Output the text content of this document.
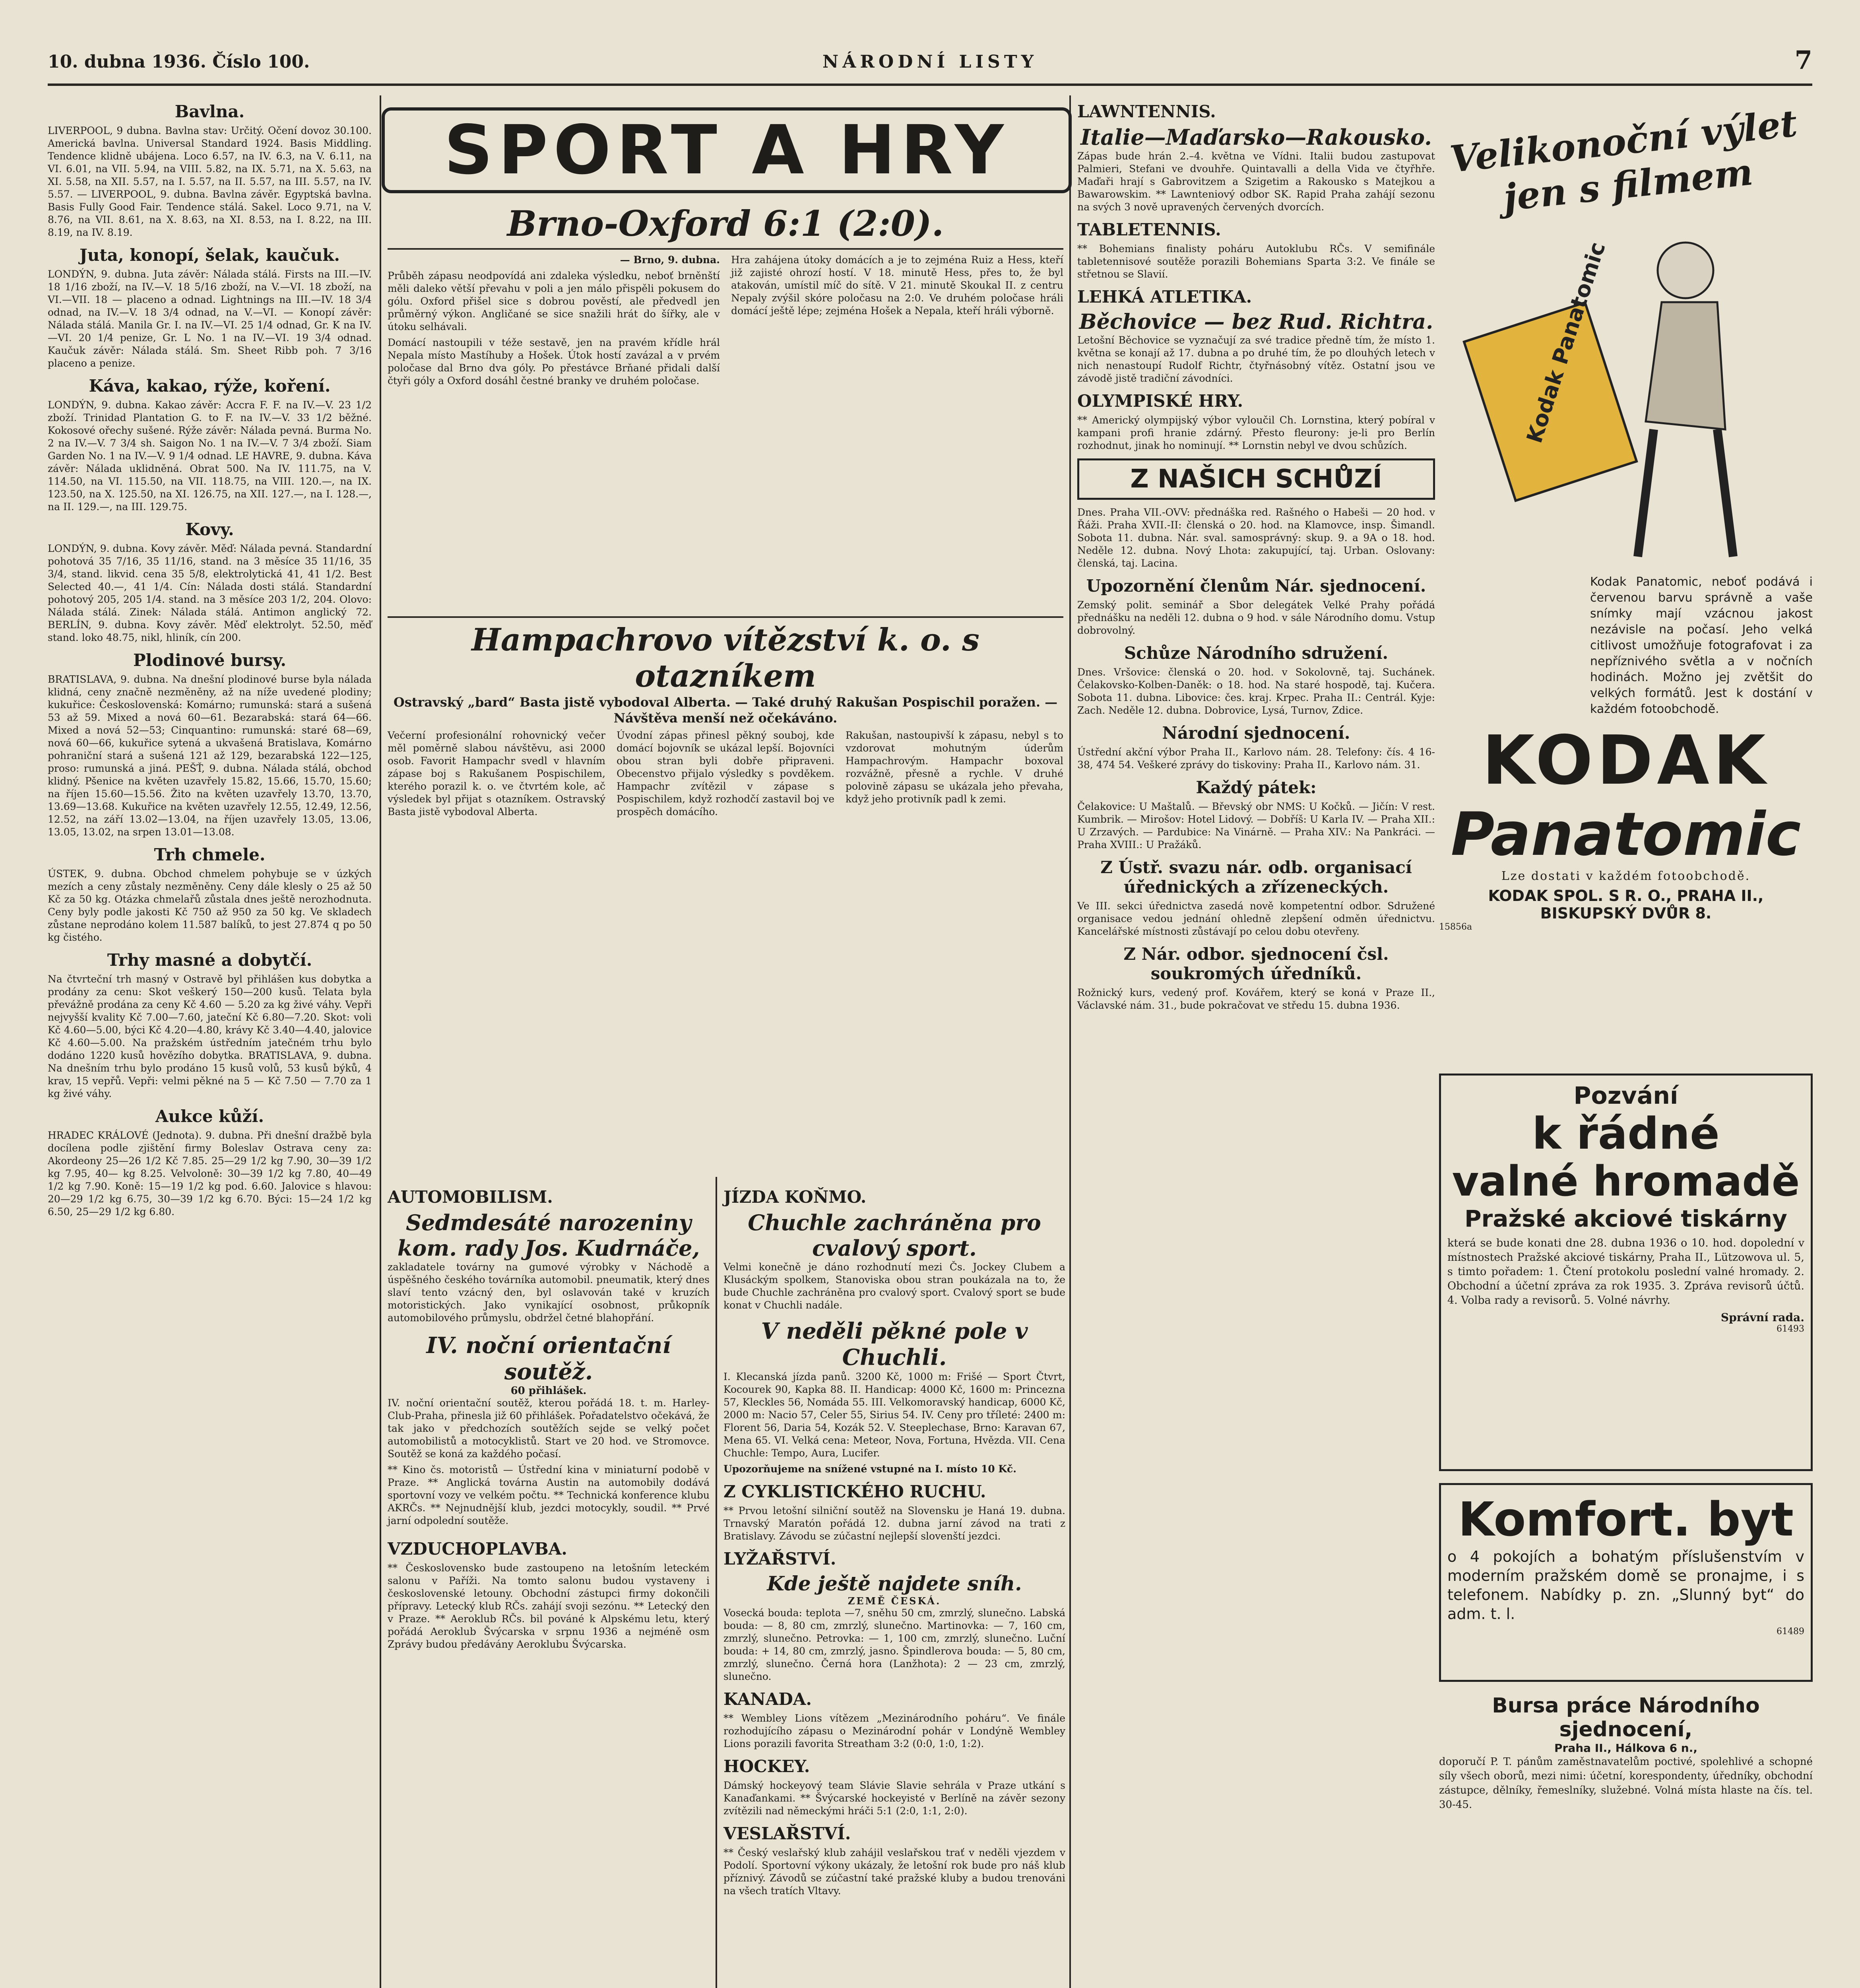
10. dubna 1936. Číslo 100.	NÁRODNÍ LISTY	7
Bavlna.

LIVERPOOL, 9 dubna. Bavlna stav: Určitý. Očení dovoz 30.100. Americká bavlna. Universal Standard 1924. Basis Middling. Tendence klidně ubájena. Loco 6.57, na IV. 6.3, na V. 6.11, na VI. 6.01, na VII. 5.94, na VIII. 5.82, na IX. 5.71, na X. 5.63, na XI. 5.58, na XII. 5.57, na I. 5.57, na II. 5.57, na III. 5.57, na IV. 5.57. — LIVERPOOL, 9. dubna. Bavlna závěr. Egyptská bavlna. Basis Fully Good Fair. Tendence stálá. Sakel. Loco 9.71, na V. 8.76, na VII. 8.61, na X. 8.63, na XI. 8.53, na I. 8.22, na III. 8.19, na IV. 8.19.

Juta, konopí, šelak, kaučuk.

LONDÝN, 9. dubna. Juta závěr: Nálada stálá. Firsts na III.—IV. 18 1/16 zboží, na IV.—V. 18 5/16 zboží, na V.—VI. 18 zboží, na VI.—VII. 18 — placeno a odnad. Lightnings na III.—IV. 18 3/4 odnad, na IV.—V. 18 3/4 odnad, na V.—VI. — Konopí závěr: Nálada stálá. Manila Gr. I. na IV.—VI. 25 1/4 odnad, Gr. K na IV.—VI. 20 1/4 penize, Gr. L No. 1 na IV.—VI. 19 3/4 odnad. Kaučuk závěr: Nálada stálá. Sm. Sheet Ribb poh. 7 3/16 placeno a penize.

Káva, kakao, rýže, koření.

LONDÝN, 9. dubna. Kakao závěr: Accra F. F. na IV.—V. 23 1/2 zboží. Trinidad Plantation G. to F. na IV.—V. 33 1/2 běžné. Kokosové ořechy sušené. Rýže závěr: Nálada pevná. Burma No. 2 na IV.—V. 7 3/4 sh. Saigon No. 1 na IV.—V. 7 3/4 zboží. Siam Garden No. 1 na IV.—V. 9 1/4 odnad. LE HAVRE, 9. dubna. Káva závěr: Nálada uklidněná. Obrat 500. Na IV. 111.75, na V. 114.50, na VI. 115.50, na VII. 118.75, na VIII. 120.—, na IX. 123.50, na X. 125.50, na XI. 126.75, na XII. 127.—, na I. 128.—, na II. 129.—, na III. 129.75.

Kovy.

LONDÝN, 9. dubna. Kovy závěr. Měď: Nálada pevná. Standardní pohotová 35 7/16, 35 11/16, stand. na 3 měsíce 35 11/16, 35 3/4, stand. likvid. cena 35 5/8, elektrolytická 41, 41 1/2. Best Selected 40.—, 41 1/4. Cín: Nálada dosti stálá. Standardní pohotový 205, 205 1/4. stand. na 3 měsíce 203 1/2, 204. Olovo: Nálada stálá. Zinek: Nálada stálá. Antimon anglický 72. BERLÍN, 9. dubna. Kovy závěr. Měď elektrolyt. 52.50, měď stand. loko 48.75, nikl, hliník, cín 200.

Plodinové bursy.

BRATISLAVA, 9. dubna. Na dnešní plodinové burse byla nálada klidná, ceny značně nezměněny, až na níže uvedené plodiny; kukuřice: Československá: Komárno; rumunská: stará a sušená 53 až 59. Mixed a nová 60—61. Bezarabská: stará 64—66. Mixed a nová 52—53; Cinquantino: rumunská: staré 68—69, nová 60—66, kukuřice sytená a ukvašená Bratislava, Komárno pohraniční stará a sušená 121 až 129, bezarabská 122—125, proso: rumunská a jiná. PEŠŤ, 9. dubna. Nálada stálá, obchod klidný. Pšenice na květen uzavřely 15.82, 15.66, 15.70, 15.60; na říjen 15.60—15.56. Žito na květen uzavřely 13.70, 13.70, 13.69—13.68. Kukuřice na květen uzavřely 12.55, 12.49, 12.56, 12.52, na září 13.02—13.04, na říjen uzavřely 13.05, 13.06, 13.05, 13.02, na srpen 13.01—13.08.

Trh chmele.

ÚSTEK, 9. dubna. Obchod chmelem pohybuje se v úzkých mezích a ceny zůstaly nezměněny. Ceny dále klesly o 25 až 50 Kč za 50 kg. Otázka chmelařů zůstala dnes ještě nerozhodnuta. Ceny byly podle jakosti Kč 750 až 950 za 50 kg. Ve skladech zůstane neprodáno kolem 11.587 balíků, to jest 27.874 q po 50 kg čistého.

Trhy masné a dobytčí.

Na čtvrteční trh masný v Ostravě byl přihlášen kus dobytka a prodány za cenu: Skot veškerý 150—200 kusů. Telata byla převážně prodána za ceny Kč 4.60 — 5.20 za kg živé váhy. Vepři nejvyšší kvality Kč 7.00—7.60, jateční Kč 6.80—7.20. Skot: voli Kč 4.60—5.00, býci Kč 4.20—4.80, krávy Kč 3.40—4.40, jalovice Kč 4.60—5.00. Na pražském ústředním jatečném trhu bylo dodáno 1220 kusů hovězího dobytka. BRATISLAVA, 9. dubna. Na dnešním trhu bylo prodáno 15 kusů volů, 53 kusů býků, 4 krav, 15 vepřů. Vepři: velmi pěkné na 5 — Kč 7.50 — 7.70 za 1 kg živé váhy.

Aukce kůží.

HRADEC KRÁLOVÉ (Jednota). 9. dubna. Při dnešní dražbě byla docílena podle zjištění firmy Boleslav Ostrava ceny za: Akordeony 25—26 1/2 Kč 7.85. 25—29 1/2 kg 7.90, 30—39 1/2 kg 7.95, 40— kg 8.25. Velvoloně: 30—39 1/2 kg 7.80, 40—49 1/2 kg 7.90. Koně: 15—19 1/2 kg pod. 6.60. Jalovice s hlavou: 20—29 1/2 kg 6.75, 30—39 1/2 kg 6.70. Býci: 15—24 1/2 kg 6.50, 25—29 1/2 kg 6.80.

SPORT A HRY
Brno-Oxford 6:1 (2:0).

— Brno, 9. dubna.

Průběh zápasu neodpovídá ani zdaleka výsledku, neboť brněnští měli daleko větší převahu v poli a jen málo přispěli pokusem do gólu. Oxford přišel sice s dobrou pověstí, ale předvedl jen průměrný výkon. Angličané se sice snažili hrát do šířky, ale v útoku selhávali.

Domácí nastoupili v téže sestavě, jen na pravém křídle hrál Nepala místo Mastíhuby a Hošek. Útok hostí zavázal a v prvém poločase dal Brno dva góly. Po přestávce Brňané přidali další čtyři góly a Oxford dosáhl čestné branky ve druhém poločase.

Hra zahájena útoky domácích a je to zejména Ruiz a Hess, kteří již zajisté ohrozí hostí. V 18. minutě Hess, přes to, že byl atakován, umístil míč do sítě. V 21. minutě Skoukal II. z centru Nepaly zvýšil skóre poločasu na 2:0. Ve druhém poločase hráli domácí ještě lépe; zejména Hošek a Nepala, kteří hráli výborně.

Hampachrovo vítězství k. o. s otazníkem

Ostravský „bard“ Basta jistě vybodoval Alberta. — Také druhý Rakušan Pospischil poražen. — Návštěva menší než očekáváno.

Večerní profesionální rohovnický večer měl poměrně slabou návštěvu, asi 2000 osob. Favorit Hampachr svedl v hlavním zápase boj s Rakušanem Pospischilem, kterého porazil k. o. ve čtvrtém kole, ač výsledek byl přijat s otazníkem. Ostravský Basta jistě vybodoval Alberta.

Úvodní zápas přinesl pěkný souboj, kde domácí bojovník se ukázal lepší. Bojovníci obou stran byli dobře připraveni. Obecenstvo přijalo výsledky s povděkem. Hampachr zvítězil v zápase s Pospischilem, když rozhodčí zastavil boj ve prospěch domácího.

Rakušan, nastoupivší k zápasu, nebyl s to vzdorovat mohutným úderům Hampachrovým. Hampachr boxoval rozvážně, přesně a rychle. V druhé polovině zápasu se ukázala jeho převaha, když jeho protivník padl k zemi.

AUTOMOBILISM.
Sedmdesáté narozeniny kom. rady Jos. Kudrnáče,

zakladatele továrny na gumové výrobky v Náchodě a úspěšného českého továrníka automobil. pneumatik, který dnes slaví tento vzácný den, byl oslavován také v kruzích motoristických. Jako vynikající osobnost, průkopník automobilového průmyslu, obdržel četné blahopřání.

IV. noční orientační soutěž.
60 přihlášek.

IV. noční orientační soutěž, kterou pořádá 18. t. m. Harley-Club-Praha, přinesla již 60 přihlášek. Pořadatelstvo očekává, že tak jako v předchozích soutěžích sejde se velký počet automobilistů a motocyklistů. Start ve 20 hod. ve Stromovce. Soutěž se koná za každého počasí.

** Kino čs. motoristů — Ústřední kina v miniaturní podobě v Praze. ** Anglická továrna Austin na automobily dodává sportovní vozy ve velkém počtu. ** Technická konference klubu AKRČs. ** Nejnudnější klub, jezdci motocykly, soudil. ** Prvé jarní odpolední soutěže.

VZDUCHOPLAVBA.

** Československo bude zastoupeno na letošním leteckém salonu v Paříži. Na tomto salonu budou vystaveny i československé letouny. Obchodní zástupci firmy dokončili přípravy. Letecký klub RČs. zahájí svoji sezónu. ** Letecký den v Praze. ** Aeroklub RČs. bil pováné k Alpskému letu, který pořádá Aeroklub Švýcarska v srpnu 1936 a nejméně osm Zprávy budou předávány Aeroklubu Švýcarska.

JÍZDA KOŇMO.
Chuchle zachráněna pro cvalový sport.

Velmi konečně je dáno rozhodnutí mezi Čs. Jockey Clubem a Klusáckým spolkem, Stanoviska obou stran poukázala na to, že bude Chuchle zachráněna pro cvalový sport. Cvalový sport se bude konat v Chuchli nadále.

V neděli pěkné pole v Chuchli.

I. Klecanská jízda panů. 3200 Kč, 1000 m: Frišé — Sport Čtvrt, Kocourek 90, Kapka 88. II. Handicap: 4000 Kč, 1600 m: Princezna 57, Kleckles 56, Nomáda 55. III. Velkomoravský handicap, 6000 Kč, 2000 m: Nacio 57, Celer 55, Sirius 54. IV. Ceny pro tříleté: 2400 m: Florent 56, Daria 54, Kozák 52. V. Steeplechase, Brno: Karavan 67, Mena 65. VI. Velká cena: Meteor, Nova, Fortuna, Hvězda. VII. Cena Chuchle: Tempo, Aura, Lucifer.

Upozorňujeme na snížené vstupné na I. místo 10 Kč.

Z CYKLISTICKÉHO RUCHU.

** Prvou letošní silniční soutěž na Slovensku je Haná 19. dubna. Trnavský Maratón pořádá 12. dubna jarní závod na trati z Bratislavy. Závodu se zúčastní nejlepší slovenští jezdci.

LYŽAŘSTVÍ.
Kde ještě najdete sníh.
ZEMĚ ČESKÁ.

Vosecká bouda: teplota —7, sněhu 50 cm, zmrzlý, slunečno. Labská bouda: — 8, 80 cm, zmrzlý, slunečno. Martinovka: — 7, 160 cm, zmrzlý, slunečno. Petrovka: — 1, 100 cm, zmrzlý, slunečno. Luční bouda: + 14, 80 cm, zmrzlý, jasno. Špindlerova bouda: — 5, 80 cm, zmrzlý, slunečno. Černá hora (Lanžhota): 2 — 23 cm, zmrzlý, slunečno.

KANADA.

** Wembley Lions vítězem „Mezinárodního poháru“. Ve finále rozhodujícího zápasu o Mezinárodní pohár v Londýně Wembley Lions porazili favorita Streatham 3:2 (0:0, 1:0, 1:2).

HOCKEY.

Dámský hockeyový team Slávie Slavie sehrála v Praze utkání s Kanaďankami. ** Švýcarské hockeyisté v Berlíně na závěr sezony zvítězili nad německými hráči 5:1 (2:0, 1:1, 2:0).

VESLAŘSTVÍ.

** Český veslařský klub zahájil veslařskou trať v neděli vjezdem v Podolí. Sportovní výkony ukázaly, že letošní rok bude pro náš klub příznivý. Závodů se zúčastní také pražské kluby a budou trenováni na všech tratích Vltavy.

LAWNTENNIS.
Italie—Maďarsko—Rakousko.

Zápas bude hrán 2.–4. května ve Vídni. Italii budou zastupovat Palmieri, Stefani ve dvouhře. Quintavalli a della Vida ve čtyřhře. Maďaři hrají s Gabrovitzem a Szigetim a Rakousko s Matejkou a Bawarowskim. ** Lawnteniový odbor SK. Rapid Praha zahájí sezonu na svých 3 nově upravených červených dvorcích.

TABLETENNIS.

** Bohemians finalisty poháru Autoklubu RČs. V semifinále tabletennisové soutěže porazili Bohemians Sparta 3:2. Ve finále se střetnou se Slavií.

LEHKÁ ATLETIKA.
Běchovice — bez Rud. Richtra.

Letošní Běchovice se vyznačují za své tradice předně tím, že místo 1. května se konají až 17. dubna a po druhé tím, že po dlouhých letech v nich nenastoupí Rudolf Richtr, čtyřnásobný vítěz. Ostatní jsou ve závodě jistě tradiční závodníci.

OLYMPISKÉ HRY.

** Americký olympijský výbor vyloučil Ch. Lornstina, který pobíral v kampani profi hranie zdárný. Přesto fleurony: je-li pro Berlín rozhodnut, jinak ho nominují. ** Lornstin nebyl ve dvou schůzích.

Z NAŠICH SCHŮZÍ

Dnes. Praha VII.-OVV: přednáška red. Rašného o Habeši — 20 hod. v Řáži. Praha XVII.-II: členská o 20. hod. na Klamovce, insp. Šimandl. Sobota 11. dubna. Nár. sval. samosprávný: skup. 9. a 9A o 18. hod. Neděle 12. dubna. Nový Lhota: zakupující, taj. Urban. Oslovany: členská, taj. Lacina.

Upozornění členům Nár. sjednocení.

Zemský polit. seminář a Sbor delegátek Velké Prahy pořádá přednášku na neděli 12. dubna o 9 hod. v sále Národního domu. Vstup dobrovolný.

Schůze Národního sdružení.

Dnes. Vršovice: členská o 20. hod. v Sokolovně, taj. Suchánek. Čelakovsko-Kolben-Daněk: o 18. hod. Na staré hospodě, taj. Kučera. Sobota 11. dubna. Libovice: čes. kraj. Krpec. Praha II.: Centrál. Kyje: Zach. Neděle 12. dubna. Dobrovice, Lysá, Turnov, Zdice.

Národní sjednocení.

Ústřední akční výbor Praha II., Karlovo nám. 28. Telefony: čís. 4 16-38, 474 54. Veškeré zprávy do tiskoviny: Praha II., Karlovo nám. 31.

Každý pátek:

Čelakovice: U Maštalů. — Břevský obr NMS: U Kočků. — Jičín: V rest. Kumbrik. — Mirošov: Hotel Lidový. — Dobříš: U Karla IV. — Praha XII.: U Zrzavých. — Pardubice: Na Vinárně. — Praha XIV.: Na Pankráci. — Praha XVIII.: U Pražáků.

Z Ústř. svazu nár. odb. organisací úřednických a zřízeneckých.

Ve III. sekci úřednictva zasedá nově kompetentní odbor. Sdružené organisace vedou jednání ohledně zlepšení odměn úřednictvu. Kancelářské místnosti zůstávají po celou dobu otevřeny.

Z Nár. odbor. sjednocení čsl. soukromých úředníků.

Rožnický kurs, vedený prof. Kovářem, který se koná v Praze II., Václavské nám. 31., bude pokračovat ve středu 15. dubna 1936.

Velikonoční výlet jen s filmem
Kodak Panatomic

Kodak Panatomic, neboť podává i červenou barvu správně a vaše snímky mají vzácnou jakost nezávisle na počasí. Jeho velká citlivost umožňuje fotografovat i za nepříznivého světla a v nočních hodinách. Možno jej zvětšit do velkých formátů. Jest k dostání v každém fotoobchodě.

KODAK
Panatomic
Lze dostati v každém fotoobchodě.
KODAK SPOL. S R. O., PRAHA II., BISKUPSKÝ DVŮR 8.
15856a
Pozvání
k řádné
valné hromadě
Pražské akciové tiskárny

která se bude konati dne 28. dubna 1936 o 10. hod. dopolední v místnostech Pražské akciové tiskárny, Praha II., Lützowova ul. 5, s timto pořadem: 1. Čtení protokolu poslední valné hromady. 2. Obchodní a účetní zpráva za rok 1935. 3. Zpráva revisorů účtů. 4. Volba rady a revisorů. 5. Volné návrhy.

Správní rada.
61493
Komfort. byt

o 4 pokojích a bohatým příslušenstvím v moderním pražském domě se pronajme, i s telefonem. Nabídky p. zn. „Slunný byt“ do adm. t. l.

61489
Bursa práce Národního sjednocení,
Praha II., Hálkova 6 n.,

doporučí P. T. pánům zaměstnavatelům poctivé, spolehlivé a schopné síly všech oborů, mezi nimi: účetní, korespondenty, úředníky, obchodní zástupce, dělníky, řemeslníky, služebné. Volná místa hlaste na čís. tel. 30-45.
